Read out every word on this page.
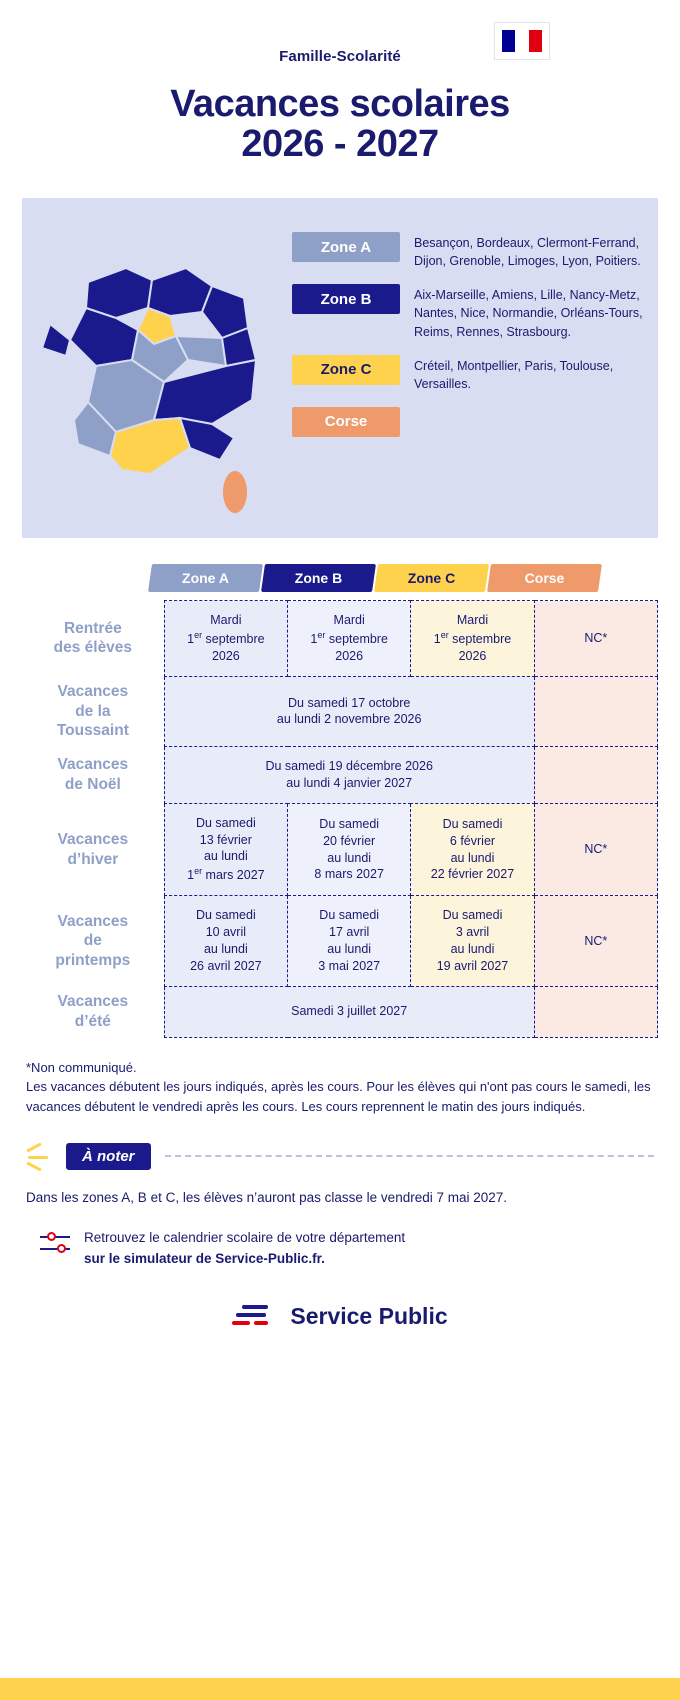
Famille-Scolarité
Vacances scolaires
2026 - 2027
Zone A	Besançon, Bordeaux, Clermont-Ferrand, Dijon, Grenoble, Limoges, Lyon, Poitiers.
Zone B	Aix-Marseille, Amiens, Lille, Nancy-Metz, Nantes, Nice, Normandie, Orléans-Tours, Reims, Rennes, Strasbourg.
Zone C	Créteil, Montpellier, Paris, Toulouse, Versailles.
Corse
Zone A	Zone B	Zone C	Corse
Rentrée
des élèves
	Mardi
1er septembre
2026	Mardi
1er septembre
2026	Mardi
1er septembre
2026	NC*

Vacances
de la
Toussaint
	Du samedi 17 octobre
au lundi 2 novembre 2026	

Vacances
de Noël
	Du samedi 19 décembre 2026
au lundi 4 janvier 2027	

Vacances
d’hiver
	Du samedi
13 février
au lundi
1er mars 2027	Du samedi
20 février
au lundi
8 mars 2027	Du samedi
6 février
au lundi
22 février 2027	NC*

Vacances
de
printemps
	Du samedi
10 avril
au lundi
26 avril 2027	Du samedi
17 avril
au lundi
3 mai 2027	Du samedi
3 avril
au lundi
19 avril 2027	NC*

Vacances
d’été	Samedi 3 juillet 2027			
*Non communiqué.
Les vacances débutent les jours indiqués, après les cours. Pour les élèves qui n'ont pas cours le samedi, les vacances débutent le vendredi après les cours. Les cours reprennent le matin des jours indiqués.
À noter
Dans les zones A, B et C, les élèves n’auront pas classe le vendredi 7 mai 2027.
Retrouvez le calendrier scolaire de votre département
sur le simulateur de Service-Public.fr.
Service Public
